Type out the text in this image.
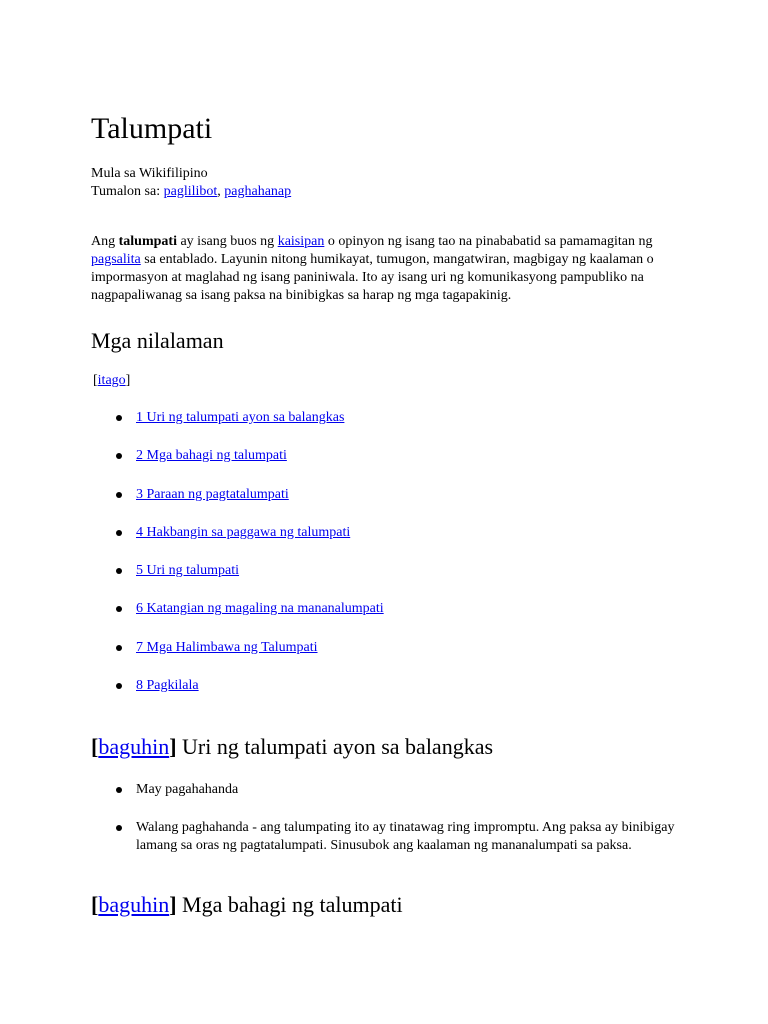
Talumpati
Mula sa Wikifilipino
Tumalon sa: paglilibot, paghahanap

Ang talumpati ay isang buos ng kaisipan o opinyon ng isang tao na pinababatid sa pamamagitan ng pagsalita sa entablado. Layunin nitong humikayat, tumugon, mangatwiran, magbigay ng kaalaman o impormasyon at maglahad ng isang paniniwala. Ito ay isang uri ng komunikasyong pampubliko na nagpapaliwanag sa isang paksa na binibigkas sa harap ng mga tagapakinig.

Mga nilalaman
[itago]
1 Uri ng talumpati ayon sa balangkas
2 Mga bahagi ng talumpati
3 Paraan ng pagtatalumpati
4 Hakbangin sa paggawa ng talumpati
5 Uri ng talumpati
6 Katangian ng magaling na mananalumpati
7 Mga Halimbawa ng Talumpati
8 Pagkilala
[baguhin] Uri ng talumpati ayon sa balangkas
May pagahahanda
Walang paghahanda - ang talumpating ito ay tinatawag ring impromptu. Ang paksa ay binibigay lamang sa oras ng pagtatalumpati. Sinusubok ang kaalaman ng mananalumpati sa paksa.
[baguhin] Mga bahagi ng talumpati
